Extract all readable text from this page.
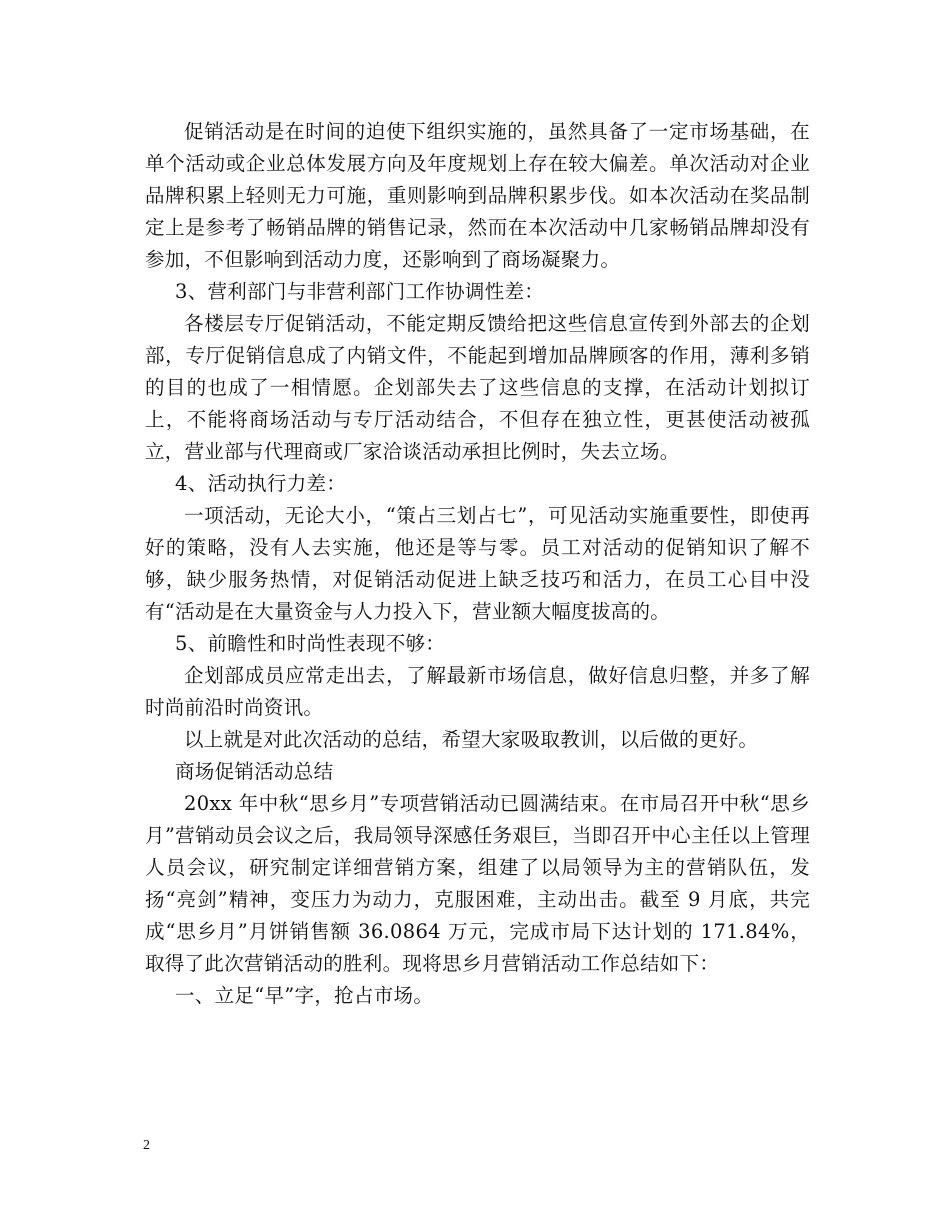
促销活动是在时间的迫使下组织实施的，虽然具备了一定市场基础，在单个活动或企业总体发展方向及年度规划上存在较大偏差。单次活动对企业品牌积累上轻则无力可施，重则影响到品牌积累步伐。如本次活动在奖品制定上是参考了畅销品牌的销售记录，然而在本次活动中几家畅销品牌却没有参加，不但影响到活动力度，还影响到了商场凝聚力。

3、营利部门与非营利部门工作协调性差：

各楼层专厅促销活动，不能定期反馈给把这些信息宣传到外部去的企划部，专厅促销信息成了内销文件，不能起到增加品牌顾客的作用，薄利多销的目的也成了一相情愿。企划部失去了这些信息的支撑，在活动计划拟订上，不能将商场活动与专厅活动结合，不但存在独立性，更甚使活动被孤立，营业部与代理商或厂家洽谈活动承担比例时，失去立场。

4、活动执行力差：

一项活动，无论大小，“策占三划占七”，可见活动实施重要性，即使再好的策略，没有人去实施，他还是等与零。员工对活动的促销知识了解不够，缺少服务热情，对促销活动促进上缺乏技巧和活力，在员工心目中没有“活动是在大量资金与人力投入下，营业额大幅度拔高的。

5、前瞻性和时尚性表现不够：

企划部成员应常走出去，了解最新市场信息，做好信息归整，并多了解时尚前沿时尚资讯。

以上就是对此次活动的总结，希望大家吸取教训，以后做的更好。

商场促销活动总结

20xx 年中秋“思乡月”专项营销活动已圆满结束。在市局召开中秋“思乡月”营销动员会议之后，我局领导深感任务艰巨，当即召开中心主任以上管理人员会议，研究制定详细营销方案，组建了以局领导为主的营销队伍，发扬“亮剑”精神，变压力为动力，克服困难，主动出击。截至 9 月底，共完成“思乡月”月饼销售额 36.0864 万元，完成市局下达计划的 171.84%，取得了此次营销活动的胜利。现将思乡月营销活动工作总结如下：

一、立足“早”字，抢占市场。

2
